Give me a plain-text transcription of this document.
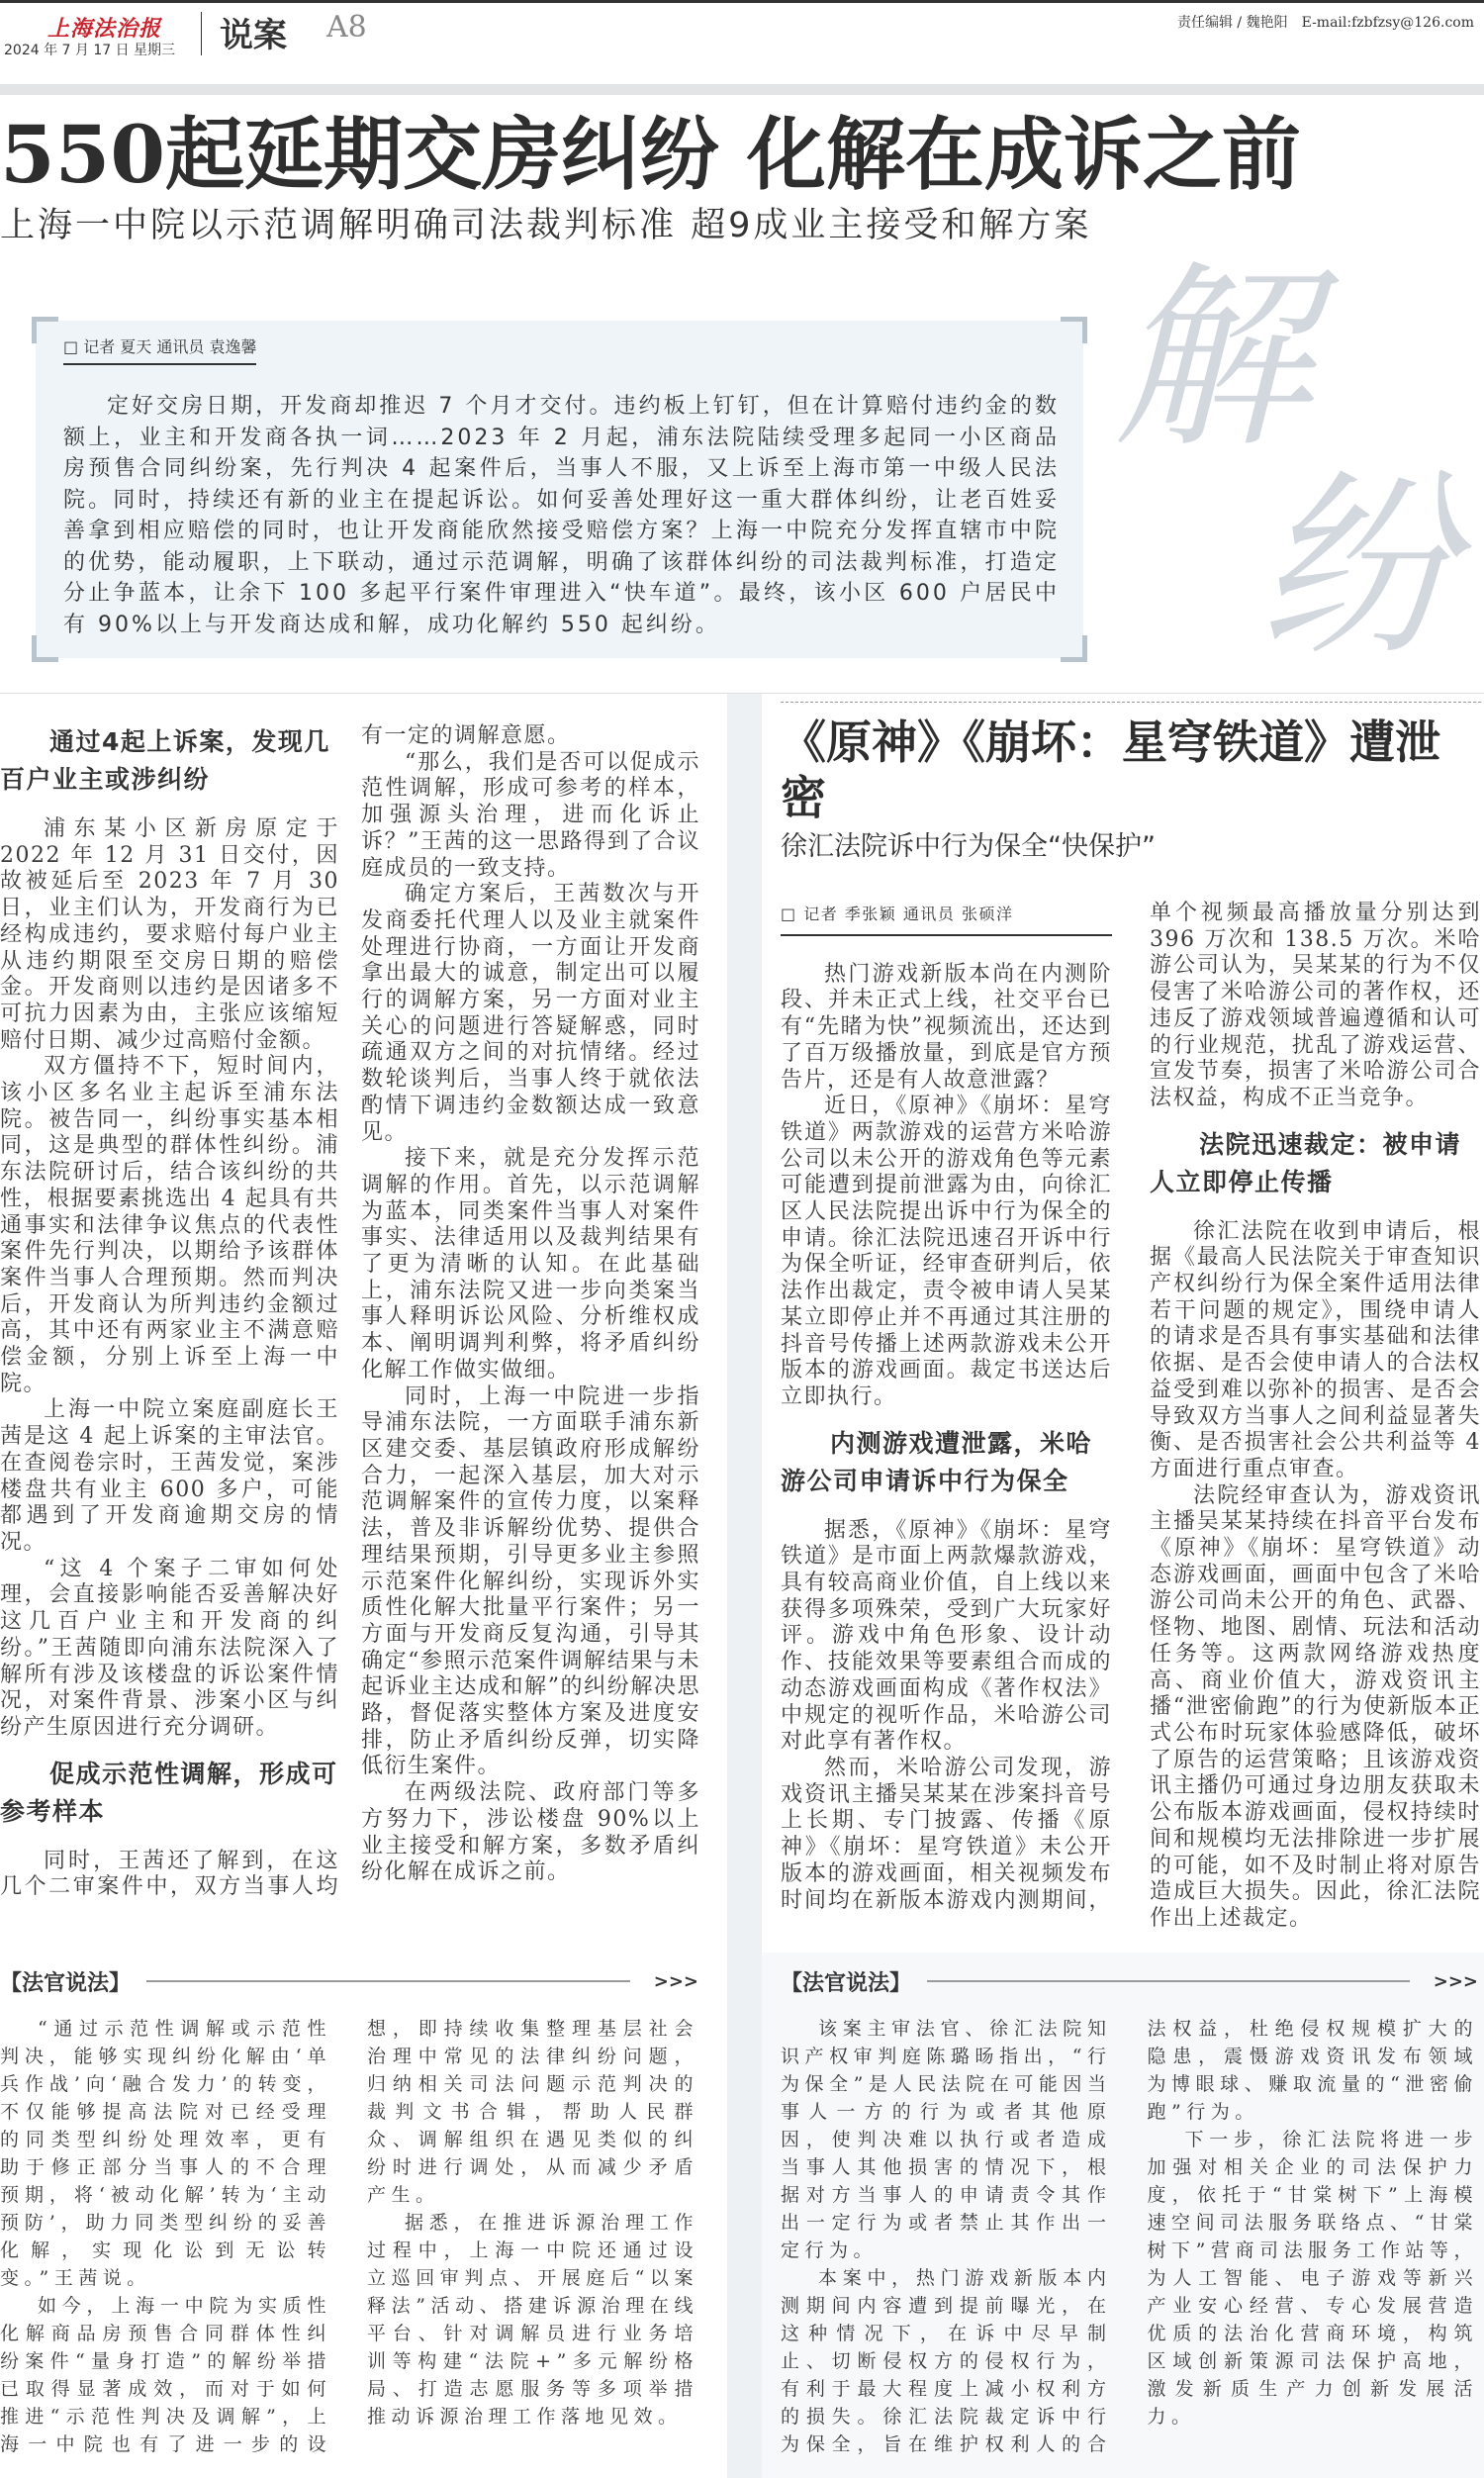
上海法治报
2024 年 7 月 17 日 星期三 说案 A8	责任编辑 / 魏艳阳 E-mail:fzbfzsy@126.com
550起延期交房纠纷 化解在成诉之前
上海一中院以示范调解明确司法裁判标准 超9成业主接受和解方案
□ 记者 夏天 通讯员 袁逸馨
定好交房日期，开发商却推迟 7 个月才交付。违约板上钉钉，但在计算赔付违约金的数额上，业主和开发商各执一词……2023 年 2 月起，浦东法院陆续受理多起同一小区商品房预售合同纠纷案，先行判决 4 起案件后，当事人不服，又上诉至上海市第一中级人民法院。同时，持续还有新的业主在提起诉讼。如何妥善处理好这一重大群体纠纷，让老百姓妥善拿到相应赔偿的同时，也让开发商能欣然接受赔偿方案？上海一中院充分发挥直辖市中院的优势，能动履职，上下联动，通过示范调解，明确了该群体纠纷的司法裁判标准，打造定分止争蓝本，让余下 100 多起平行案件审理进入“快车道”。最终，该小区 600 户居民中有 90%以上与开发商达成和解，成功化解约 550 起纠纷。
解
纷
通过4起上诉案，发现几百户业主或涉纠纷

浦东某小区新房原定于 2022 年 12 月 31 日交付，因故被延后至 2023 年 7 月 30 日，业主们认为，开发商行为已经构成违约，要求赔付每户业主从违约期限至交房日期的赔偿金。开发商则以违约是因诸多不可抗力因素为由，主张应该缩短赔付日期、减少过高赔付金额。

双方僵持不下，短时间内，该小区多名业主起诉至浦东法院。被告同一，纠纷事实基本相同，这是典型的群体性纠纷。浦东法院研讨后，结合该纠纷的共性，根据要素挑选出 4 起具有共通事实和法律争议焦点的代表性案件先行判决，以期给予该群体案件当事人合理预期。然而判决后，开发商认为所判违约金额过高，其中还有两家业主不满意赔偿金额，分别上诉至上海一中院。

上海一中院立案庭副庭长王茜是这 4 起上诉案的主审法官。在查阅卷宗时，王茜发觉，案涉楼盘共有业主 600 多户，可能都遇到了开发商逾期交房的情况。

“这 4 个案子二审如何处理，会直接影响能否妥善解决好这几百户业主和开发商的纠纷。”王茜随即向浦东法院深入了解所有涉及该楼盘的诉讼案件情况，对案件背景、涉案小区与纠纷产生原因进行充分调研。

促成示范性调解，形成可参考样本

同时，王茜还了解到，在这几个二审案件中，双方当事人均有一定的调解意愿。

“那么，我们是否可以促成示范性调解，形成可参考的样本，加强源头治理，进而化诉止诉？”王茜的这一思路得到了合议庭成员的一致支持。

确定方案后，王茜数次与开发商委托代理人以及业主就案件处理进行协商，一方面让开发商拿出最大的诚意，制定出可以履行的调解方案，另一方面对业主关心的问题进行答疑解惑，同时疏通双方之间的对抗情绪。经过数轮谈判后，当事人终于就依法酌情下调违约金数额达成一致意见。

接下来，就是充分发挥示范调解的作用。首先，以示范调解为蓝本，同类案件当事人对案件事实、法律适用以及裁判结果有了更为清晰的认知。在此基础上，浦东法院又进一步向类案当事人释明诉讼风险、分析维权成本、阐明调判利弊，将矛盾纠纷化解工作做实做细。

同时，上海一中院进一步指导浦东法院，一方面联手浦东新区建交委、基层镇政府形成解纷合力，一起深入基层，加大对示范调解案件的宣传力度，以案释法，普及非诉解纷优势、提供合理结果预期，引导更多业主参照示范案件化解纠纷，实现诉外实质性化解大批量平行案件；另一方面与开发商反复沟通，引导其确定“参照示范案件调解结果与未起诉业主达成和解”的纠纷解决思路，督促落实整体方案及进度安排，防止矛盾纠纷反弹，切实降低衍生案件。

在两级法院、政府部门等多方努力下，涉讼楼盘 90%以上业主接受和解方案，多数矛盾纠纷化解在成诉之前。

《原神》《崩坏：星穹铁道》遭泄密
徐汇法院诉中行为保全“快保护”
□ 记者 季张颖 通讯员 张硕洋

热门游戏新版本尚在内测阶段、并未正式上线，社交平台已有“先睹为快”视频流出，还达到了百万级播放量，到底是官方预告片，还是有人故意泄露？

近日，《原神》《崩坏：星穹铁道》两款游戏的运营方米哈游公司以未公开的游戏角色等元素可能遭到提前泄露为由，向徐汇区人民法院提出诉中行为保全的申请。徐汇法院迅速召开诉中行为保全听证，经审查研判后，依法作出裁定，责令被申请人吴某某立即停止并不再通过其注册的抖音号传播上述两款游戏未公开版本的游戏画面。裁定书送达后立即执行。

内测游戏遭泄露，米哈游公司申请诉中行为保全

据悉，《原神》《崩坏：星穹铁道》是市面上两款爆款游戏，具有较高商业价值，自上线以来获得多项殊荣，受到广大玩家好评。游戏中角色形象、设计动作、技能效果等要素组合而成的动态游戏画面构成《著作权法》中规定的视听作品，米哈游公司对此享有著作权。

然而，米哈游公司发现，游戏资讯主播吴某某在涉案抖音号上长期、专门披露、传播《原神》《崩坏：星穹铁道》未公开版本的游戏画面，相关视频发布时间均在新版本游戏内测期间，单个视频最高播放量分别达到 396 万次和 138.5 万次。米哈游公司认为，吴某某的行为不仅侵害了米哈游公司的著作权，还违反了游戏领域普遍遵循和认可的行业规范，扰乱了游戏运营、宣发节奏，损害了米哈游公司合法权益，构成不正当竞争。

法院迅速裁定：被申请人立即停止传播

徐汇法院在收到申请后，根据《最高人民法院关于审查知识产权纠纷行为保全案件适用法律若干问题的规定》，围绕申请人的请求是否具有事实基础和法律依据、是否会使申请人的合法权益受到难以弥补的损害、是否会导致双方当事人之间利益显著失衡、是否损害社会公共利益等 4 方面进行重点审查。

法院经审查认为，游戏资讯主播吴某某持续在抖音平台发布《原神》《崩坏：星穹铁道》动态游戏画面，画面中包含了米哈游公司尚未公开的角色、武器、怪物、地图、剧情、玩法和活动任务等。这两款网络游戏热度高、商业价值大，游戏资讯主播“泄密偷跑”的行为使新版本正式公布时玩家体验感降低，破坏了原告的运营策略；且该游戏资讯主播仍可通过身边朋友获取未公布版本游戏画面，侵权持续时间和规模均无法排除进一步扩展的可能，如不及时制止将对原告造成巨大损失。因此，徐汇法院作出上述裁定。

【法官说法】	>>>

“通过示范性调解或示范性判决，能够实现纠纷化解由‘单兵作战’向‘融合发力’的转变，不仅能够提高法院对已经受理的同类型纠纷处理效率，更有助于修正部分当事人的不合理预期，将‘被动化解’转为‘主动预防’，助力同类型纠纷的妥善化解，实现化讼到无讼转变。”王茜说。

如今，上海一中院为实质性化解商品房预售合同群体性纠纷案件“量身打造”的解纷举措已取得显著成效，而对于如何推进“示范性判决及调解”，上海一中院也有了进一步的设想，即持续收集整理基层社会治理中常见的法律纠纷问题，归纳相关司法问题示范判决的裁判文书合辑，帮助人民群众、调解组织在遇见类似的纠纷时进行调处，从而减少矛盾产生。

据悉，在推进诉源治理工作过程中，上海一中院还通过设立巡回审判点、开展庭后“以案释法”活动、搭建诉源治理在线平台、针对调解员进行业务培训等构建“法院+”多元解纷格局、打造志愿服务等多项举措推动诉源治理工作落地见效。

【法官说法】	>>>

该案主审法官、徐汇法院知识产权审判庭陈璐旸指出，“行为保全”是人民法院在可能因当事人一方的行为或者其他原因，使判决难以执行或者造成当事人其他损害的情况下，根据对方当事人的申请责令其作出一定行为或者禁止其作出一定行为。

本案中，热门游戏新版本内测期间内容遭到提前曝光，在这种情况下，在诉中尽早制止、切断侵权方的侵权行为，有利于最大程度上减小权利方的损失。徐汇法院裁定诉中行为保全，旨在维护权利人的合法权益，杜绝侵权规模扩大的隐患，震慑游戏资讯发布领域为博眼球、赚取流量的“泄密偷跑”行为。

下一步，徐汇法院将进一步加强对相关企业的司法保护力度，依托于“甘棠树下”上海模速空间司法服务联络点、“甘棠树下”营商司法服务工作站等，为人工智能、电子游戏等新兴产业安心经营、专心发展营造优质的法治化营商环境，构筑区域创新策源司法保护高地，激发新质生产力创新发展活力。
